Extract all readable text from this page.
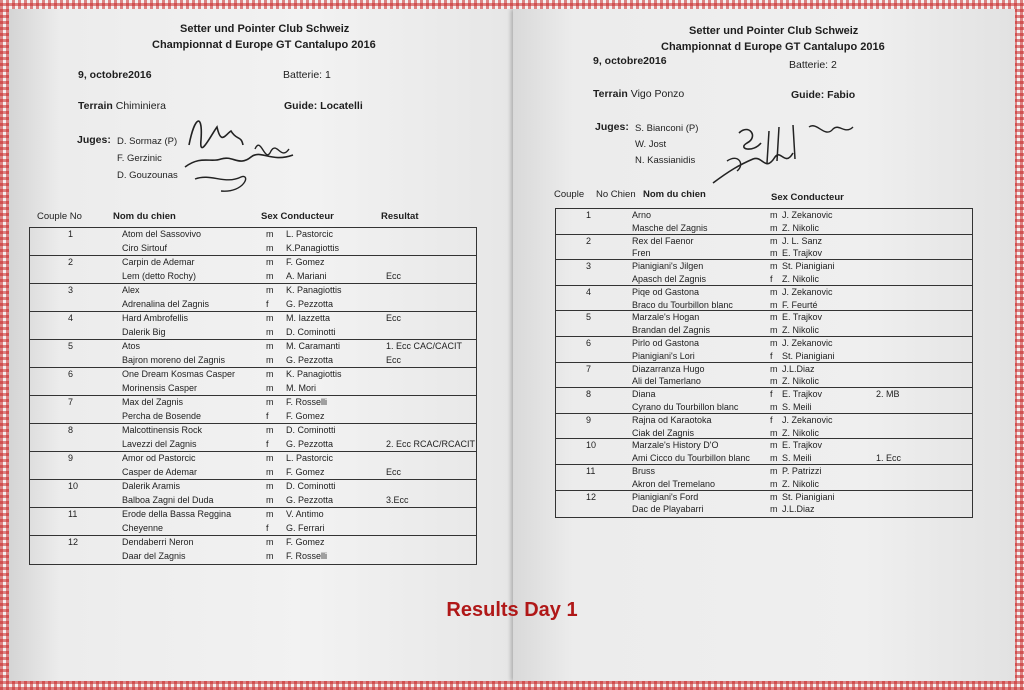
Setter und Pointer Club Schweiz
Championnat d Europe GT Cantalupo 2016
9, octobre2016	Batterie: 1
Terrain Chiminiera	Guide: Locatelli
Juges: D. Sormaz (P)
F. Gerzinic
D. Gouzounas
Couple No	Nom du chien	Sex Conducteur	Resultat
1	Atom del Sassovivo	m L. Pastorcic
Ciro Sirtouf	m K.Panagiottis
2	Carpin de Ademar	m F. Gomez
Lem (detto Rochy)	m A. Mariani	Ecc
3	Alex	m K. Panagiottis
Adrenalina del Zagnis	f G. Pezzotta
4	Hard Ambrofellis	m M. Iazzetta	Ecc
Dalerik Big	m D. Cominotti
5	Atos	m M. Caramanti	1. Ecc CAC/CACIT
Bajron moreno del Zagnis	m G. Pezzotta	Ecc
6	One Dream Kosmas Casper	m K. Panagiottis
Morinensis Casper	m M. Mori
7	Max del Zagnis	m F. Rosselli
Percha de Bosende	f F. Gomez
8	Malcottinensis Rock	m D. Cominotti
Lavezzi del Zagnis	f G. Pezzotta	2. Ecc RCAC/RCACIT
9	Amor od Pastorcic	m L. Pastorcic
Casper de Ademar	m F. Gomez	Ecc
10	Dalerik Aramis	m D. Cominotti
Balboa Zagni del Duda	m G. Pezzotta	3.Ecc
11	Erode della Bassa Reggina	m V. Antimo
Cheyenne	f G. Ferrari
12	Dendaberri Neron	m F. Gomez
Daar del Zagnis	m F. Rosselli
Setter und Pointer Club Schweiz
Championnat d Europe GT Cantalupo 2016
9, octobre2016	Batterie: 2
Terrain Vigo Ponzo	Guide: Fabio
Juges: S. Bianconi (P)
W. Jost
N. Kassianidis
Couple No Chien Nom du chien	Sex Conducteur
1	Arno	m J. Zekanovic
Masche del Zagnis	m Z. Nikolic
2	Rex del Faenor	m J. L. Sanz
Fren	m E. Trajkov
3	Pianigiani's Jilgen	m St. Pianigiani
Apasch del Zagnis	f Z. Nikolic
4	Piqe od Gastona	m J. Zekanovic
Braco du Tourbillon blanc	m F. Feurté
5	Marzale's Hogan	m E. Trajkov
Brandan del Zagnis	m Z. Nikolic
6	Pirlo od Gastona	m J. Zekanovic
Pianigiani's Lori	f St. Pianigiani
7	Diazarranza Hugo	m J.L.Diaz
Ali del Tamerlano	m Z. Nikolic
8	Diana	f E. Trajkov	2. MB
Cyrano du Tourbillon blanc	m S. Meili
9	Rajna od Karaotoka	f J. Zekanovic
Ciak del Zagnis	m Z. Nikolic
10	Marzale's History D'O	m E. Trajkov
Ami Cicco du Tourbillon blanc m S. Meili	1. Ecc
11	Bruss	m P. Patrizzi
Akron del Tremelano	m Z. Nikolic
12	Pianigiani's Ford	m St. Pianigiani
Dac de Playabarri	m J.L.Diaz
Results Day 1
